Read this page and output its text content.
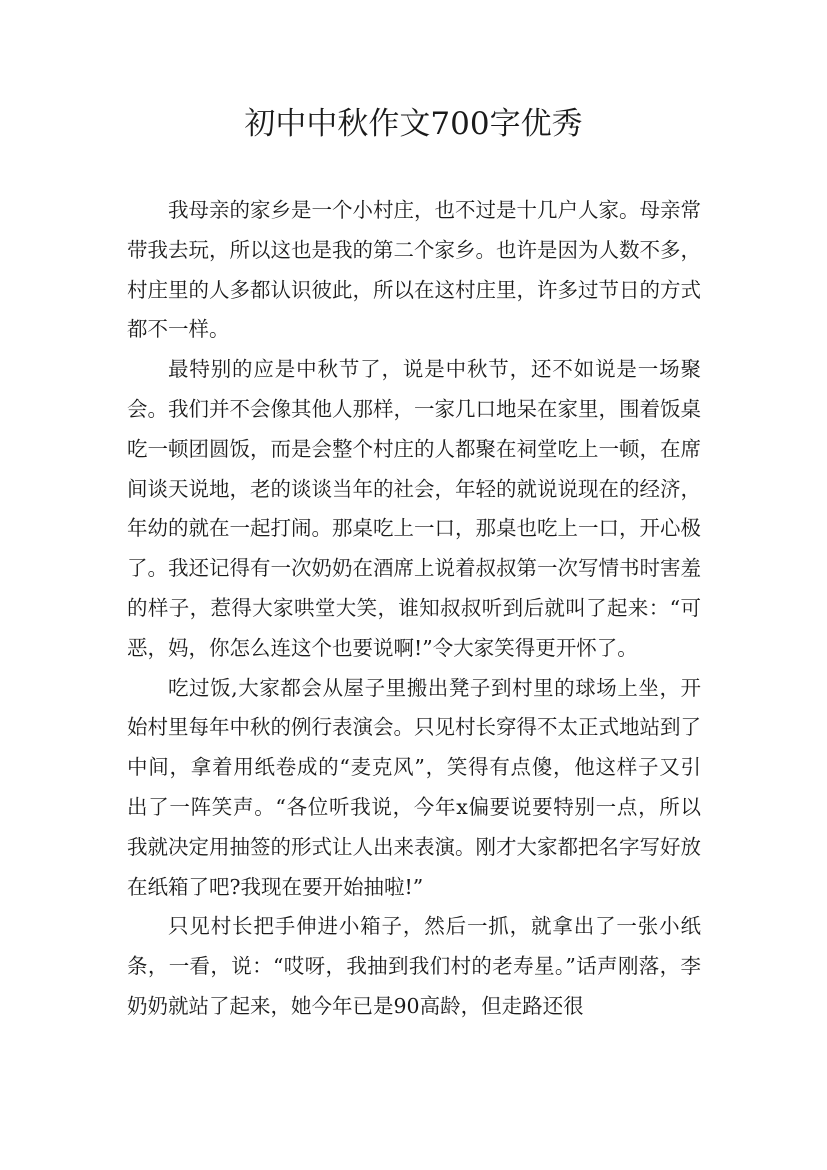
初中中秋作文700字优秀

我母亲的家乡是一个小村庄，也不过是十几户人家。母亲常带我去玩，所以这也是我的第二个家乡。也许是因为人数不多，村庄里的人多都认识彼此，所以在这村庄里，许多过节日的方式都不一样。

最特别的应是中秋节了，说是中秋节，还不如说是一场聚会。我们并不会像其他人那样，一家几口地呆在家里，围着饭桌吃一顿团圆饭，而是会整个村庄的人都聚在祠堂吃上一顿，在席间谈天说地，老的谈谈当年的社会，年轻的就说说现在的经济，年幼的就在一起打闹。那桌吃上一口，那桌也吃上一口，开心极了。我还记得有一次奶奶在酒席上说着叔叔第一次写情书时害羞的样子，惹得大家哄堂大笑，谁知叔叔听到后就叫了起来：“可恶，妈，你怎么连这个也要说啊!”令大家笑得更开怀了。

吃过饭,大家都会从屋子里搬出凳子到村里的球场上坐，开始村里每年中秋的例行表演会。只见村长穿得不太正式地站到了中间，拿着用纸卷成的“麦克风”，笑得有点傻，他这样子又引出了一阵笑声。“各位听我说，今年x偏要说要特别一点，所以我就决定用抽签的形式让人出来表演。刚才大家都把名字写好放在纸箱了吧?我现在要开始抽啦!”

只见村长把手伸进小箱子，然后一抓，就拿出了一张小纸条，一看，说：“哎呀，我抽到我们村的老寿星。”话声刚落，李奶奶就站了起来，她今年已是90高龄，但走路还很
